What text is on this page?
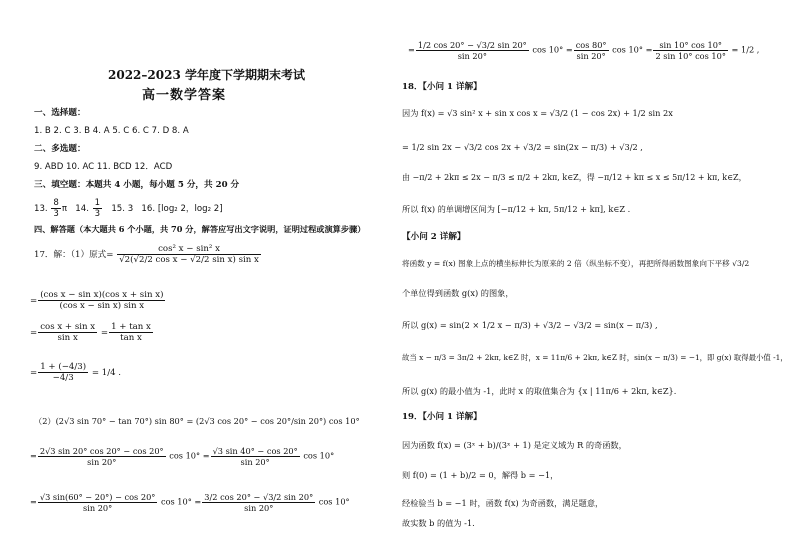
2022–2023 学年度下学期期末考试
高一数学答案
一、选择题：
1. B 2. C 3. B 4. A 5. C 6. C 7. D 8. A
二、多选题：
9. ABD 10. AC 11. BCD 12．ACD
三、填空题：本题共 4 小题，每小题 5 分，共 20 分
13. $\frac{8}{3}$ π 14. $\frac{1}{3} 15$. 3 16. [log₂ 2，log₂ 2]
四、解答题（本大题共 6 个小题，共 70 分，解答应写出文字说明，证明过程或演算步骤）
17．解：（1）原式= $\frac{\text{cos² x − sin² x}}{\text{√2(√2/2 cos x − √2/2 sin x) sin x}}$
= $\frac{\text{(cos x − sin x)(cos x + sin x)}}{\text{(cos x − sin x) sin x}}$
= $\frac{\text{cos x + sin x}}{\text{sin x}} = \frac{\text{1 + tan x}}{\text{tan x}}$
= $\frac{1 + (-4/3)}{-4/3} = 1/4$ .
（2）(2√3 sin 70° − tan 70°) sin 80° = (2√3 cos 20° − cos 20°/sin 20°) cos 10°
= $\frac{2√3 \sin 20^\circ \cos 20^\circ - \cos 20^\circ}{\sin 20^\circ}$ $\cos 10^\circ = \frac{√3 \sin 40^\circ - \cos 20^\circ}{\sin 20^\circ}$ cos 10°
= $\frac{√3 \sin(60^\circ - 20^\circ) - \cos 20^\circ}{\sin 20^\circ}$ $\cos 10^\circ = \frac{3/2 \cos 20^\circ - √3/2 \sin 20^\circ}{\sin 20^\circ}$ cos 10°
= $\frac{1/2 \cos 20^\circ - √3/2 \sin 20^\circ}{\sin 20^\circ}$ $\cos 10^\circ = \frac{\cos 80^\circ}{\sin 20^\circ}$ $\cos 10^\circ = \frac{\sin 10^\circ \cos 10^\circ}{2 \sin 10^\circ \cos 10^\circ} = 1/2$ ,
18．【小问 1 详解】
因为 f(x) = √3 sin² x + sin x cos x = √3/2 (1 − cos 2x) + 1/2 sin 2x
= 1/2 sin 2x − √3/2 cos 2x + √3/2 = sin(2x − π/3) + √3/2 ,
由 −π/2 + 2kπ ≤ 2x − π/3 ≤ π/2 + 2kπ, k∈Z，得 −π/12 + kπ ≤ x ≤ 5π/12 + kπ, k∈Z，
所以 f(x) 的单调增区间为 [−π/12 + kπ, 5π/12 + kπ], k∈Z .
【小问 2 详解】
将函数 y = f(x) 图象上点的横坐标伸长为原来的 2 倍（纵坐标不变），再把所得函数图象向下平移 √3/2
个单位得到函数 g(x) 的图象，
所以 g(x) = sin(2 × 1/2 x − π/3) + √3/2 − √3/2 = sin(x − π/3) ,
故当 x − π/3 = 3π/2 + 2kπ, k∈Z 时，x = 11π/6 + 2kπ, k∈Z 时，sin(x − π/3) = −1，即 g(x) 取得最小值 -1，
所以 g(x) 的最小值为 -1，此时 x 的取值集合为 {x | 11π/6 + 2kπ, k∈Z}.
19．【小问 1 详解】
因为函数 f(x) = (3ˣ + b)/(3ˣ + 1) 是定义域为 R 的奇函数，
则 f(0) = (1 + b)/2 = 0，解得 b = −1，
经检验当 b = −1 时，函数 f(x) 为奇函数，满足题意，
故实数 b 的值为 -1.
